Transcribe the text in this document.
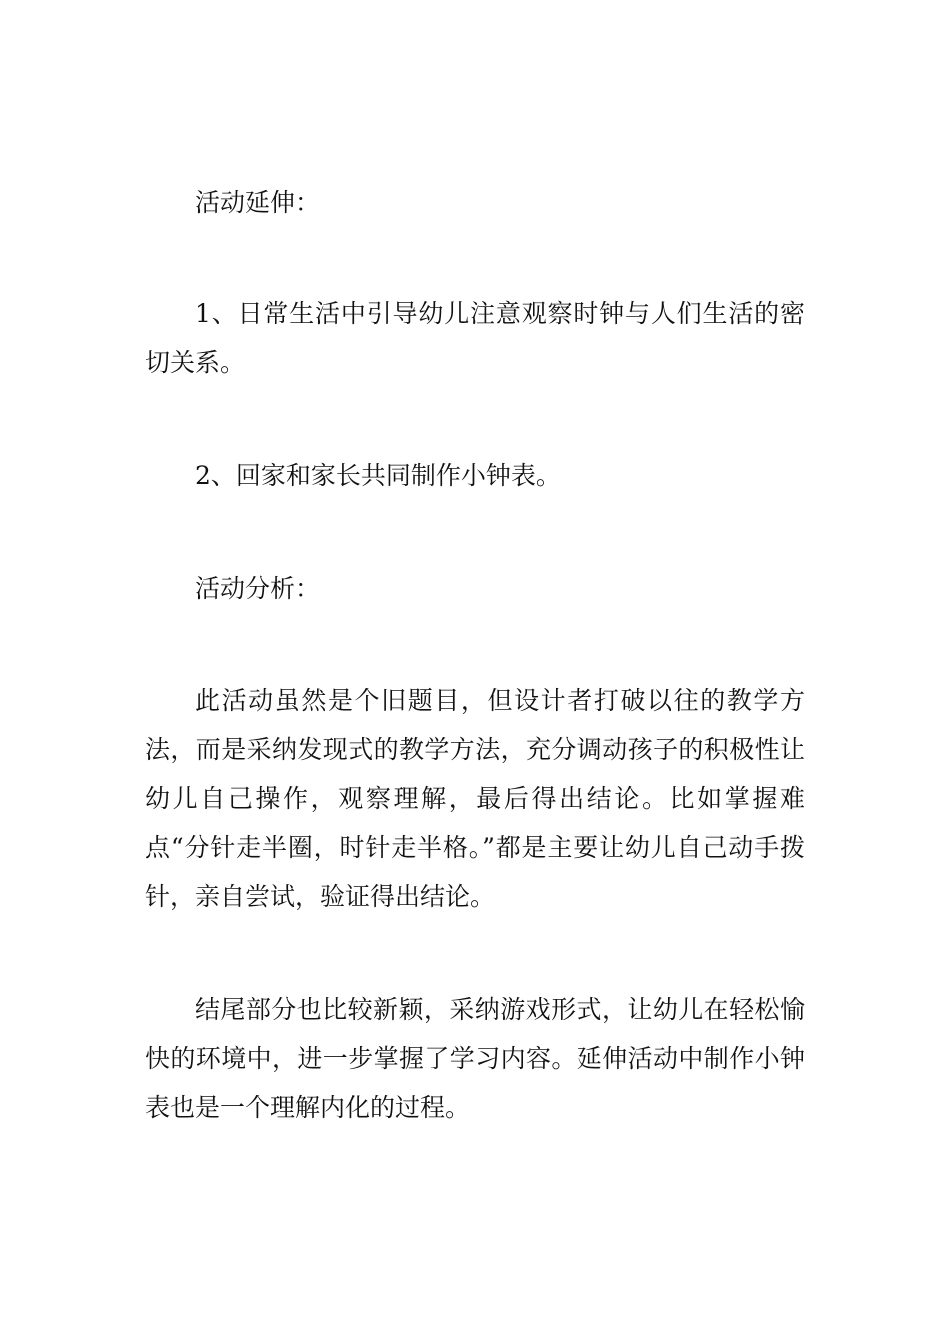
活动延伸：

1、日常生活中引导幼儿注意观察时钟与人们生活的密切关系。

2、回家和家长共同制作小钟表。

活动分析：

此活动虽然是个旧题目，但设计者打破以往的教学方法，而是采纳发现式的教学方法，充分调动孩子的积极性让幼儿自己操作，观察理解，最后得出结论。比如掌握难点“分针走半圈，时针走半格。”都是主要让幼儿自己动手拨针，亲自尝试，验证得出结论。

结尾部分也比较新颖，采纳游戏形式，让幼儿在轻松愉快的环境中，进一步掌握了学习内容。延伸活动中制作小钟表也是一个理解内化的过程。
